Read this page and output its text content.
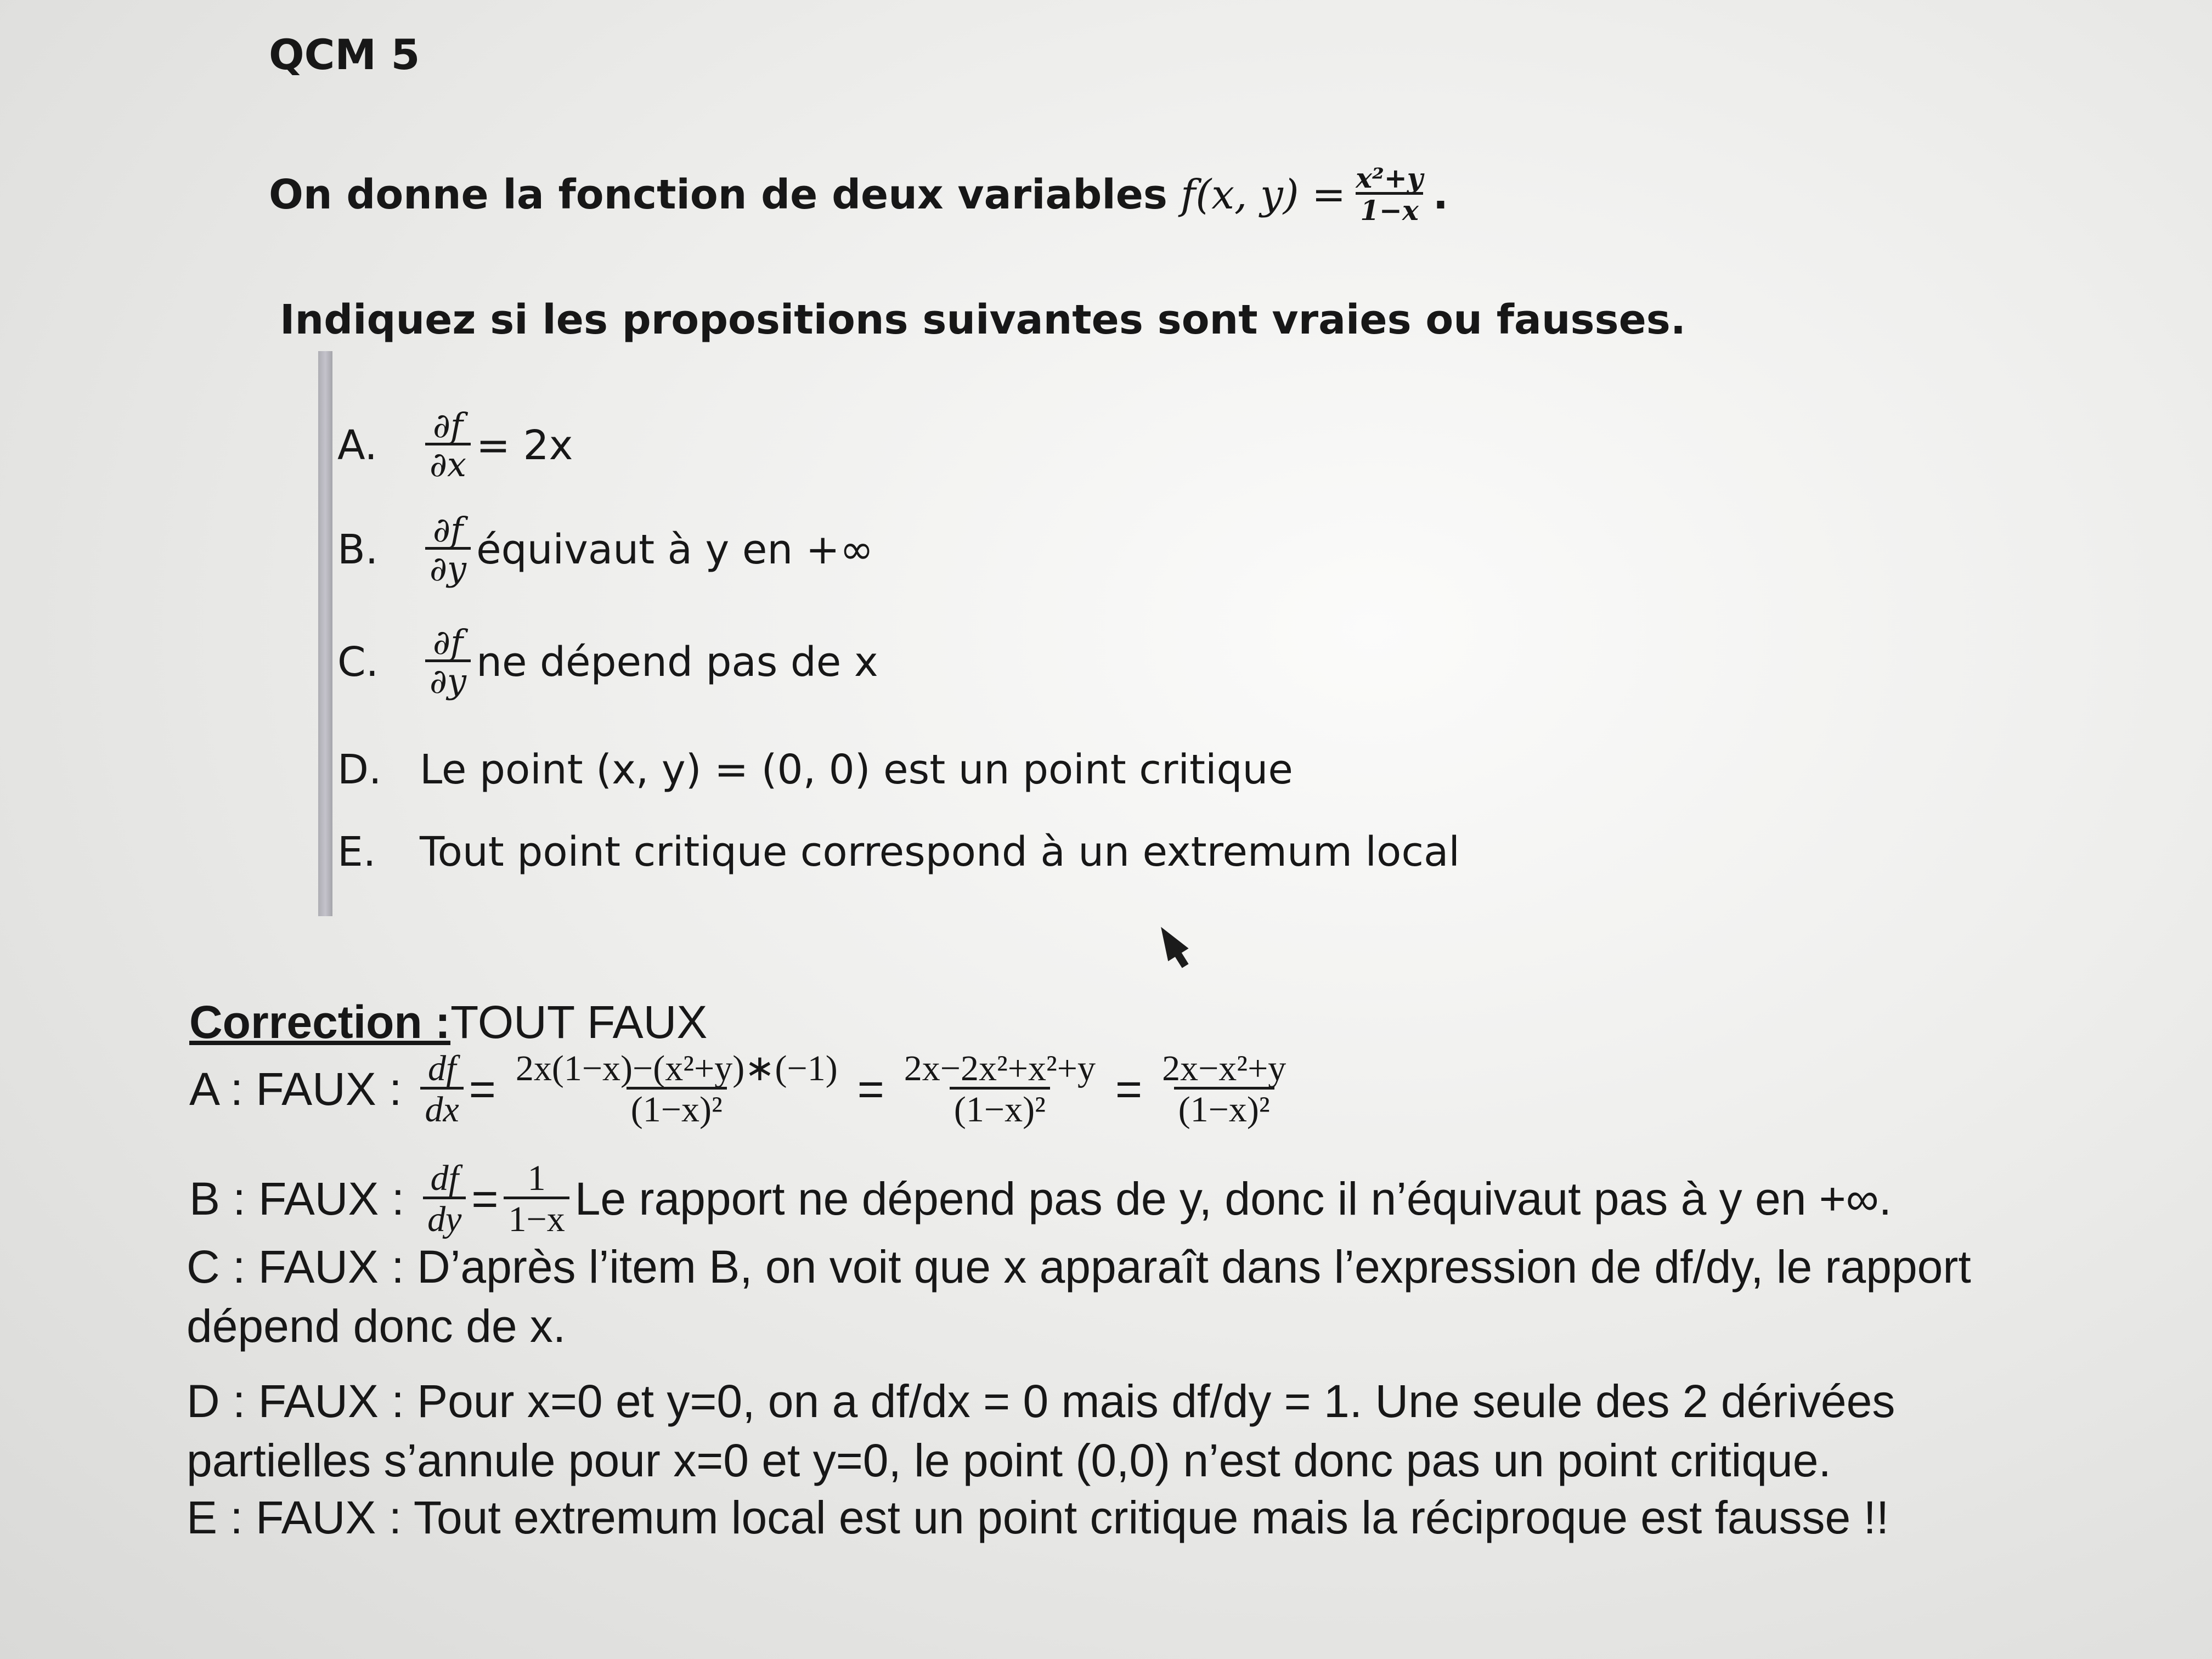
QCM 5
On donne la fonction de deux variables f(x, $y) = \frac{\text{x²+y}}{1-x}$ .
Indiquez si les propositions suivantes sont vraies ou fausses.
A.	$\frac{\partial f}{\partial x} = 2x$
B.	$\frac{\partial f}{\partial y}$ équivaut à y en +∞
C.	$\frac{\partial f}{\partial y}$ ne dépend pas de x
D. Le point (x, y) = (0, 0) est un point critique
E.	Tout point critique correspond à un extremum local
Correction : TOUT FAUX
A : FAUX : $\frac{df}{dx} = \frac{\text{2x(1−x)−(x²+y)∗(−1)}}{\text{(1−x)²}} = \frac{\text{2x−2x²+x²+y}}{\text{(1−x)²}} = \frac{\text{2x−x²+y}}{\text{(1−x)²}}$
B : FAUX : $\frac{df}{dy} = \frac{1}{1-x}$ Le rapport ne dépend pas de y, donc il n’équivaut pas à y en +∞.
C : FAUX : D’après l’item B, on voit que x apparaît dans l’expression de df/dy, le rapport dépend donc de x.
D : FAUX : Pour x=0 et y=0, on a df/dx = 0 mais df/dy = 1. Une seule des 2 dérivées partielles s’annule pour x=0 et y=0, le point (0,0) n’est donc pas un point critique.
E : FAUX : Tout extremum local est un point critique mais la réciproque est fausse !!
